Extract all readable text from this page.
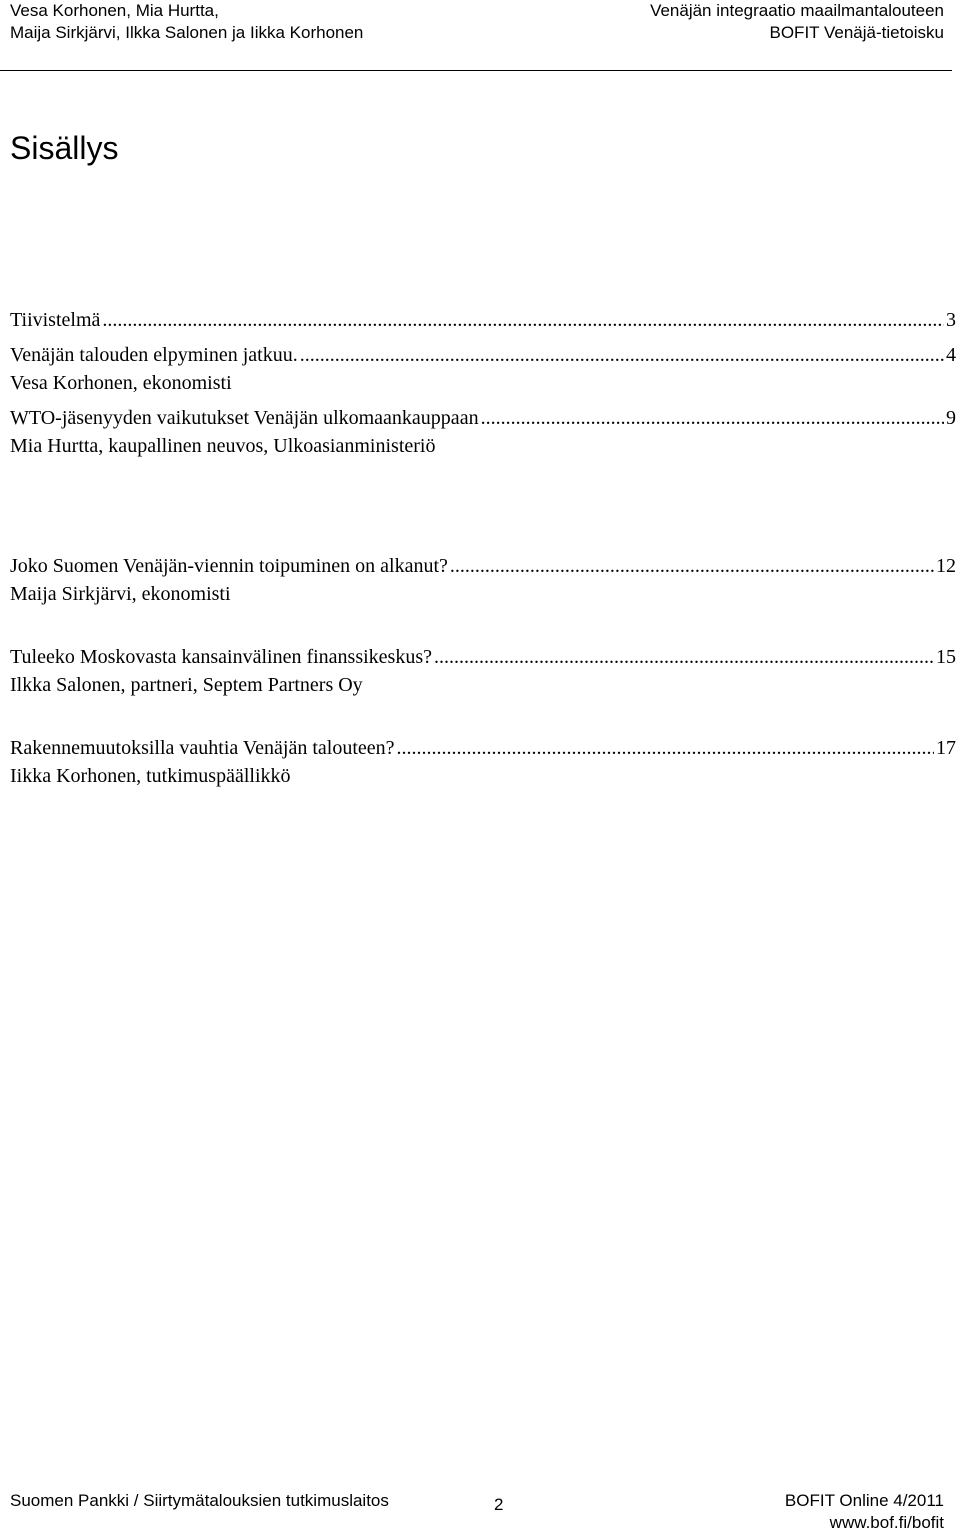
Vesa Korhonen, Mia Hurtta,
Maija Sirkjärvi, Ilkka Salonen ja Iikka Korhonen
Venäjän integraatio maailmantalouteen
BOFIT Venäjä-tietoisku
Sisällys
Tiivistelmä .....	3
Venäjän talouden elpyminen jatkuu. .....	4
Vesa Korhonen, ekonomisti
WTO-jäsenyyden vaikutukset Venäjän ulkomaankauppaan .....	9
Mia Hurtta, kaupallinen neuvos, Ulkoasianministeriö
Joko Suomen Venäjän-viennin toipuminen on alkanut? .....	12
Maija Sirkjärvi, ekonomisti
Tuleeko Moskovasta kansainvälinen finanssikeskus? .....	15
Ilkka Salonen, partneri, Septem Partners Oy
Rakennemuutoksilla vauhtia Venäjän talouteen? .....	17
Iikka Korhonen, tutkimuspäällikkö
Suomen Pankki / Siirtymätalouksien tutkimuslaitos	2	BOFIT Online 4/2011
www.bof.fi/bofit
